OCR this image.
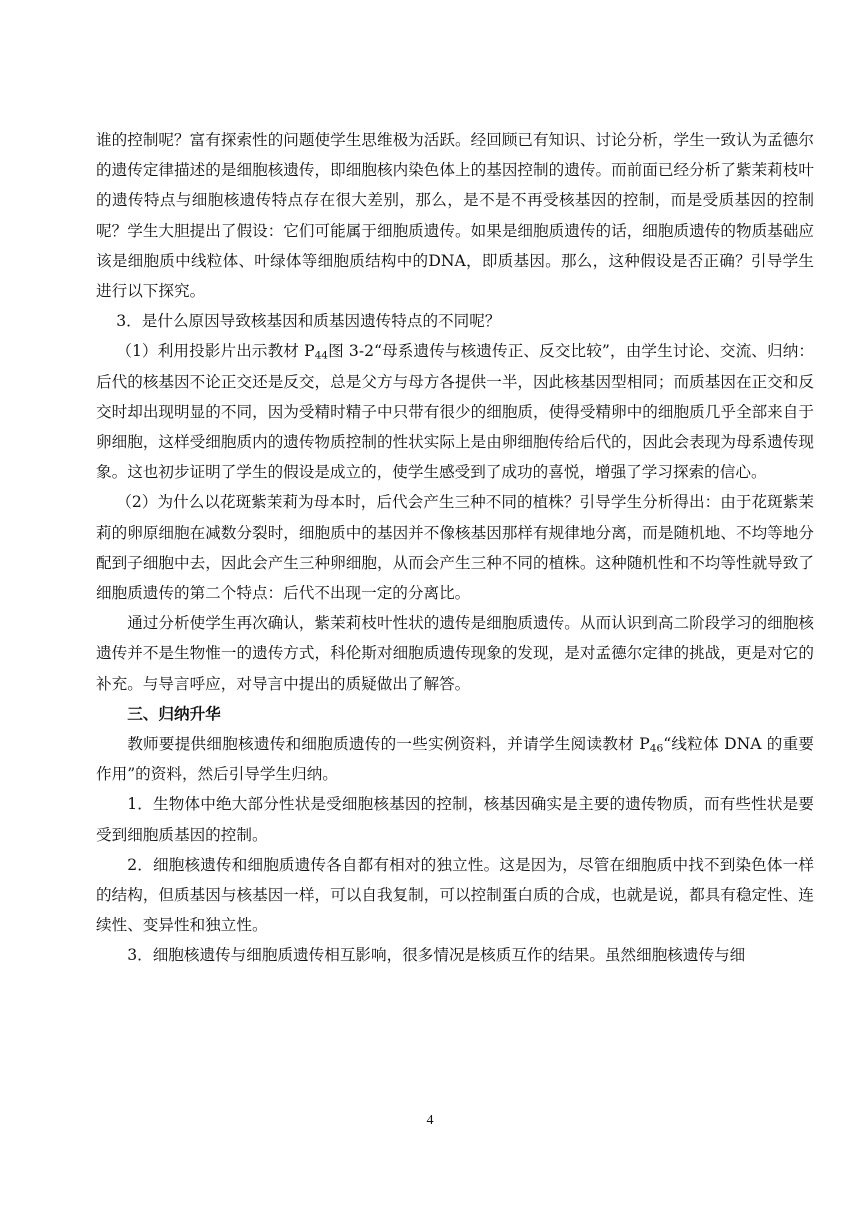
谁的控制呢？富有探索性的问题使学生思维极为活跃。经回顾已有知识、讨论分析，学生一致认为孟德尔的遗传定律描述的是细胞核遗传，即细胞核内染色体上的基因控制的遗传。而前面已经分析了紫茉莉枝叶的遗传特点与细胞核遗传特点存在很大差别，那么，是不是不再受核基因的控制，而是受质基因的控制呢？学生大胆提出了假设：它们可能属于细胞质遗传。如果是细胞质遗传的话，细胞质遗传的物质基础应该是细胞质中线粒体、叶绿体等细胞质结构中的DNA，即质基因。那么，这种假设是否正确？引导学生进行以下探究。

3．是什么原因导致核基因和质基因遗传特点的不同呢？

（1）利用投影片出示教材 $P_{44}$图 3-2“母系遗传与核遗传正、反交比较”，由学生讨论、交流、归纳：后代的核基因不论正交还是反交，总是父方与母方各提供一半，因此核基因型相同；而质基因在正交和反交时却出现明显的不同，因为受精时精子中只带有很少的细胞质，使得受精卵中的细胞质几乎全部来自于卵细胞，这样受细胞质内的遗传物质控制的性状实际上是由卵细胞传给后代的，因此会表现为母系遗传现象。这也初步证明了学生的假设是成立的，使学生感受到了成功的喜悦，增强了学习探索的信心。

（2）为什么以花斑紫茉莉为母本时，后代会产生三种不同的植株？引导学生分析得出：由于花斑紫茉莉的卵原细胞在减数分裂时，细胞质中的基因并不像核基因那样有规律地分离，而是随机地、不均等地分配到子细胞中去，因此会产生三种卵细胞，从而会产生三种不同的植株。这种随机性和不均等性就导致了细胞质遗传的第二个特点：后代不出现一定的分离比。

通过分析使学生再次确认，紫茉莉枝叶性状的遗传是细胞质遗传。从而认识到高二阶段学习的细胞核遗传并不是生物惟一的遗传方式，科伦斯对细胞质遗传现象的发现，是对孟德尔定律的挑战，更是对它的补充。与导言呼应，对导言中提出的质疑做出了解答。

三、归纳升华

教师要提供细胞核遗传和细胞质遗传的一些实例资料，并请学生阅读教材 $P_{46}“$线粒体 DNA 的重要作用”的资料，然后引导学生归纳。

1．生物体中绝大部分性状是受细胞核基因的控制，核基因确实是主要的遗传物质，而有些性状是要受到细胞质基因的控制。

2．细胞核遗传和细胞质遗传各自都有相对的独立性。这是因为，尽管在细胞质中找不到染色体一样的结构，但质基因与核基因一样，可以自我复制，可以控制蛋白质的合成，也就是说，都具有稳定性、连续性、变异性和独立性。

3．细胞核遗传与细胞质遗传相互影响，很多情况是核质互作的结果。虽然细胞核遗传与细

4
